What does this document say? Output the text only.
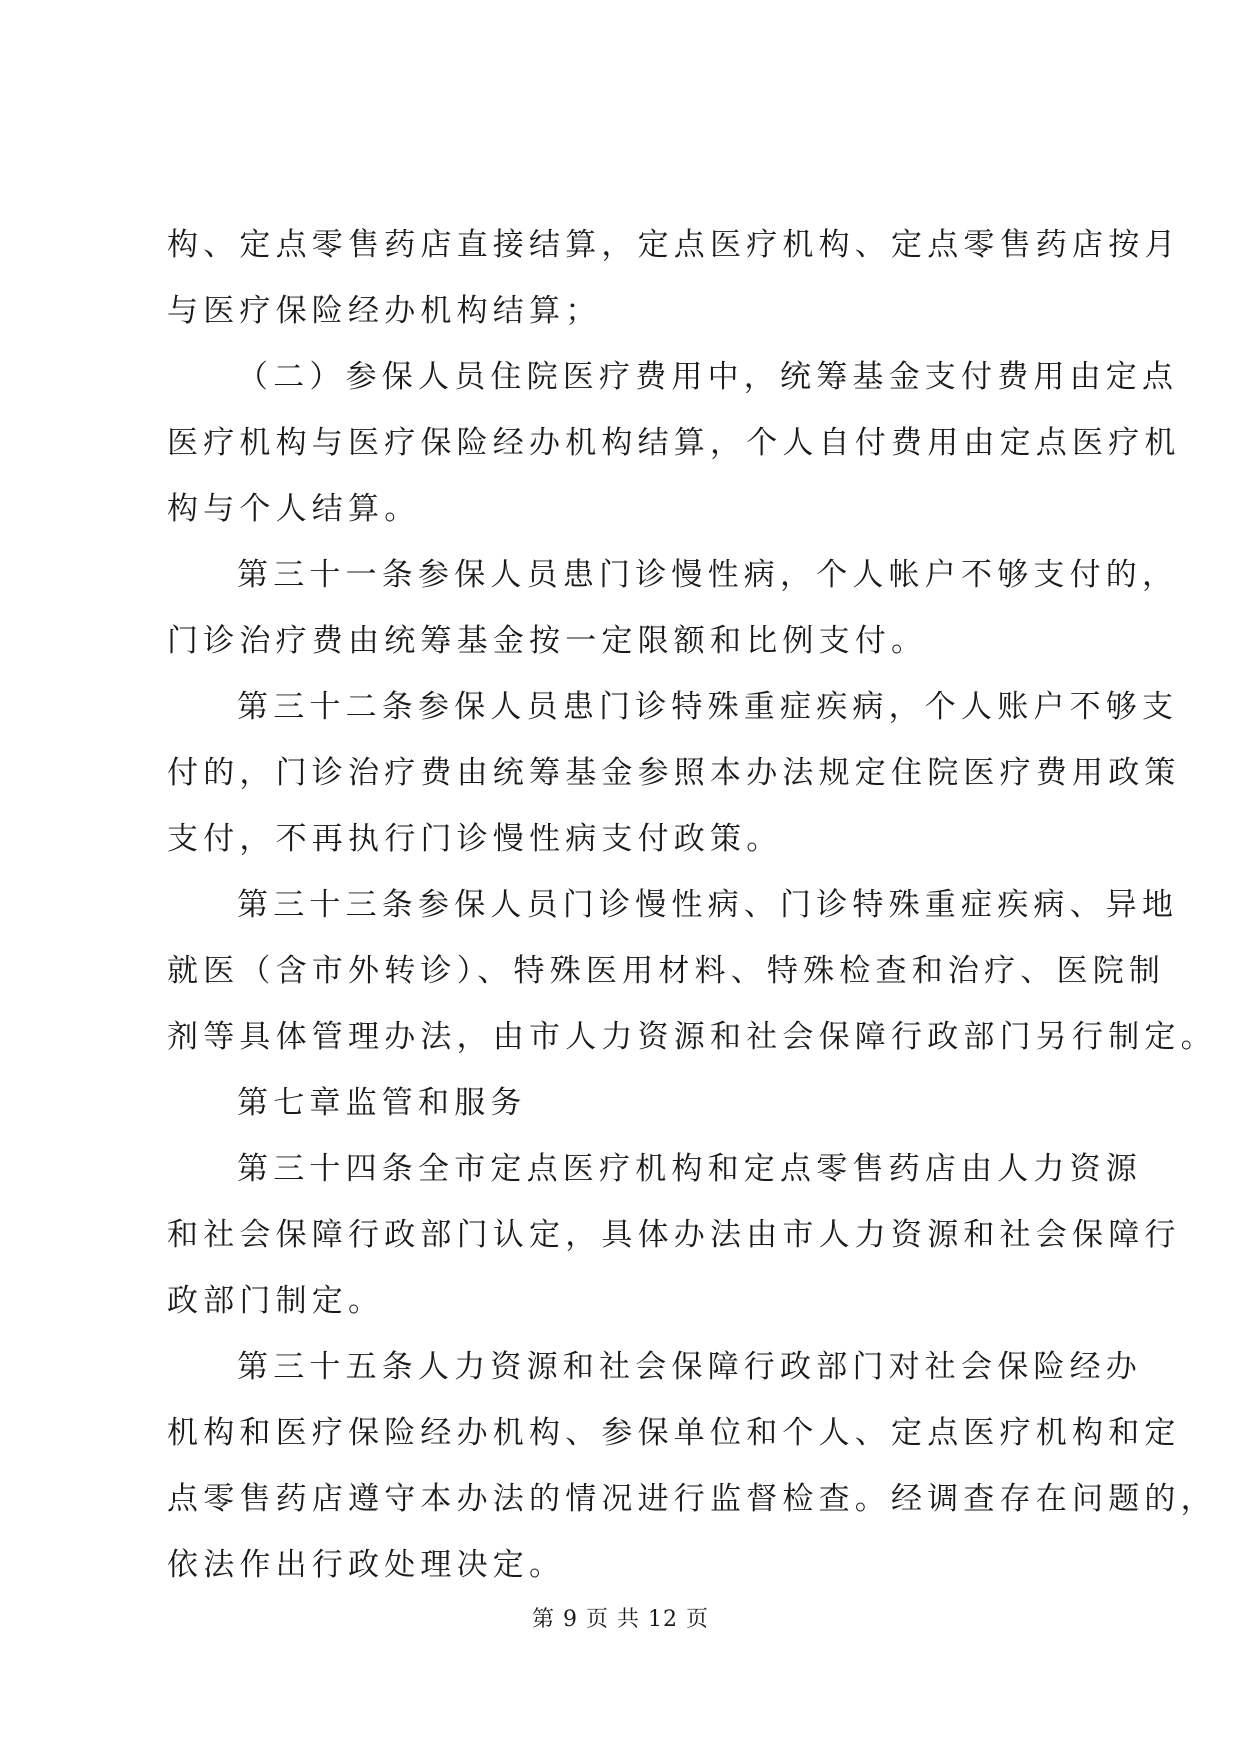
构、定点零售药店直接结算，定点医疗机构、定点零售药店按月
与医疗保险经办机构结算；
（二）参保人员住院医疗费用中，统筹基金支付费用由定点
医疗机构与医疗保险经办机构结算，个人自付费用由定点医疗机
构与个人结算。
第三十一条参保人员患门诊慢性病，个人帐户不够支付的，
门诊治疗费由统筹基金按一定限额和比例支付。
第三十二条参保人员患门诊特殊重症疾病，个人账户不够支
付的，门诊治疗费由统筹基金参照本办法规定住院医疗费用政策
支付，不再执行门诊慢性病支付政策。
第三十三条参保人员门诊慢性病、门诊特殊重症疾病、异地
就医（含市外转诊）、特殊医用材料、特殊检查和治疗、医院制
剂等具体管理办法，由市人力资源和社会保障行政部门另行制定。
第七章监管和服务
第三十四条全市定点医疗机构和定点零售药店由人力资源
和社会保障行政部门认定，具体办法由市人力资源和社会保障行
政部门制定。
第三十五条人力资源和社会保障行政部门对社会保险经办
机构和医疗保险经办机构、参保单位和个人、定点医疗机构和定
点零售药店遵守本办法的情况进行监督检查。经调查存在问题的，
依法作出行政处理决定。
第 9 页 共 12 页
